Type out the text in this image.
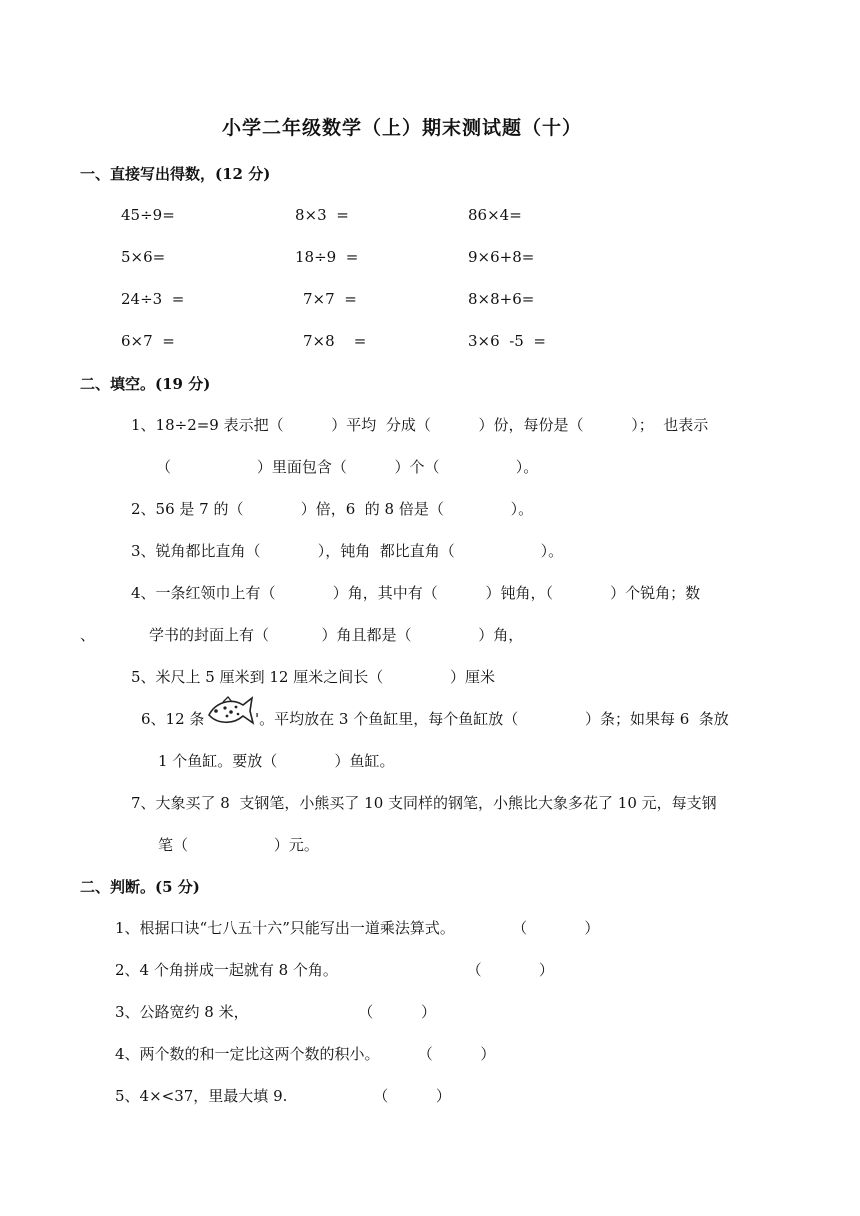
小学二年级数学（上）期末测试题（十）
一、直接写出得数，(12 分)
45÷9=	8×3  =	86×4=
5×6=	18÷9  =	9×6+8=
24÷3  =	7×7  =	8×8+6=
6×7  =	7×8    =	3×6  -5  =
二、填空。(19 分)
1、18÷2=9 表示把（          ）平均  分成（          ）份，每份是（          ）；  也表示
（                  ）里面包含（          ）个（                ）。
2、56 是 7 的（            ）倍，6  的 8 倍是（              ）。
3、锐角都比直角（            ），钝角  都比直角（                  ）。
4、一条红领巾上有（            ）角，其中有（          ）钝角，（            ）个锐角；数
、	学书的封面上有（           ）角且都是（              ）角，
5、米尺上 5 厘米到 12 厘米之间长（              ）厘米
6、12 条	'。平均放在 3 个鱼缸里，每个鱼缸放（              ）条；如果每 6  条放
1 个鱼缸。要放（            ）鱼缸。
7、大象买了 8  支钢笔，小熊买了 10 支同样的钢笔，小熊比大象多花了 10 元，每支钢
笔（                  ）元。
二、判断。(5 分)
1、根据口诀“七八五十六”只能写出一道乘法算式。            （            ）
2、4 个角拼成一起就有 8 个角。                           （            ）
3、公路宽约 8 米，                       （          ）
4、两个数的和一定比这两个数的积小。        （          ）
5、4×<37，里最大填 9.                  （          ）
